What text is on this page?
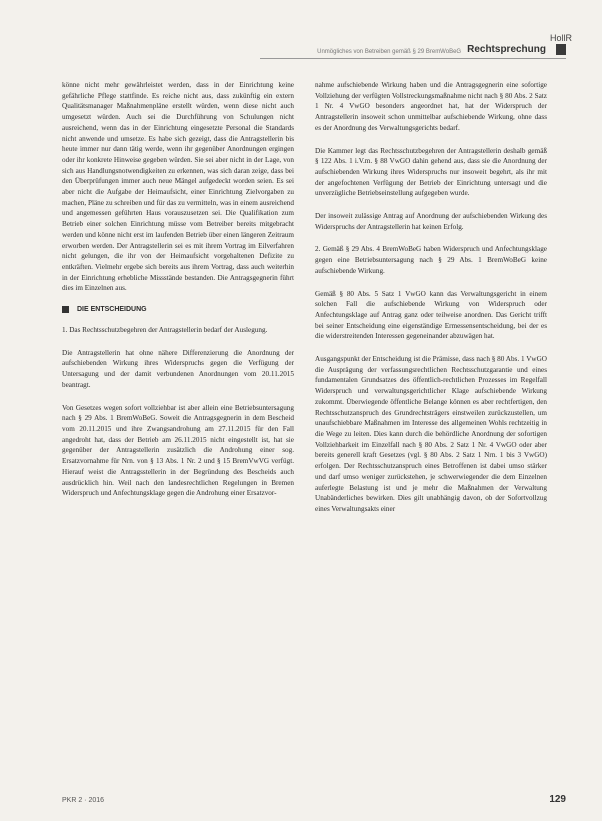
HollR
Unmögliches von Betreiben gemäß § 29 BremWoBeG Rechtsprechung

könne nicht mehr gewährleistet werden, dass in der Einrichtung keine gefährliche Pflege stattfinde. Es reiche nicht aus, dass zukünftig ein extern Qualitätsmanager Maßnahmenpläne erstellt würden, wenn diese nicht auch umgesetzt würden. Auch sei die Durchführung von Schulungen nicht ausreichend, wenn das in der Einrichtung eingesetzte Personal die Standards nicht anwende und umsetze. Es habe sich gezeigt, dass die Antragstellerin bis heute immer nur dann tätig werde, wenn ihr gegenüber Anordnungen ergingen oder ihr konkrete Hinweise gegeben würden. Sie sei aber nicht in der Lage, von sich aus Handlungsnotwendigkeiten zu erkennen, was sich daran zeige, dass bei den Überprüfungen immer auch neue Mängel aufgedeckt worden seien. Es sei aber nicht die Aufgabe der Heimaufsicht, einer Einrichtung Zielvorgaben zu machen, Pläne zu schreiben und für das zu vermitteln, was in einem ausreichend und angemessen geführten Haus vorauszusetzen sei. Die Qualifikation zum Betrieb einer solchen Einrichtung müsse vom Betreiber bereits mitgebracht werden und könne nicht erst im laufenden Betrieb über einen längeren Zeitraum erworben werden. Der Antragstellerin sei es mit ihrem Vortrag im Eilverfahren nicht gelungen, die ihr von der Heimaufsicht vorgehaltenen Defizite zu entkräften. Vielmehr ergebe sich bereits aus ihrem Vortrag, dass auch weiterhin in der Einrichtung erhebliche Missstände bestanden. Die Antragsgegnerin führt dies im Einzelnen aus.

DIE ENTSCHEIDUNG

1. Das Rechtsschutzbegehren der Antragstellerin bedarf der Auslegung.

Die Antragstellerin hat ohne nähere Differenzierung die Anordnung der aufschiebenden Wirkung ihres Widerspruchs gegen die Verfügung der Untersagung und der damit verbundenen Anordnungen vom 20.11.2015 beantragt.

Von Gesetzes wegen sofort vollziehbar ist aber allein eine Betriebsuntersagung nach § 29 Abs. 1 BremWoBeG. Soweit die Antragsgegnerin in dem Bescheid vom 20.11.2015 und ihre Zwangsandrohung am 27.11.2015 für den Fall angedroht hat, dass der Betrieb am 26.11.2015 nicht eingestellt ist, hat sie gegenüber der Antragstellerin zusätzlich die Androhung einer sog. Ersatzvornahme für Nrn. von § 13 Abs. 1 Nr. 2 und § 15 BremVwVG verfügt. Hierauf weist die Antragsstellerin in der Begründung des Bescheids auch ausdrücklich hin. Weil nach den landesrechtlichen Regelungen in Bremen Widerspruch und Anfechtungsklage gegen die Androhung einer Ersatzvor-

nahme aufschiebende Wirkung haben und die Antragsgegnerin eine sofortige Vollziehung der verfügten Vollstreckungsmaßnahme nicht nach § 80 Abs. 2 Satz 1 Nr. 4 VwGO besonders angeordnet hat, hat der Widerspruch der Antragstellerin insoweit schon unmittelbar aufschiebende Wirkung, ohne dass es der Anordnung des Verwaltungsgerichts bedarf.

Die Kammer legt das Rechtsschutzbegehren der Antragstellerin deshalb gemäß § 122 Abs. 1 i.V.m. § 88 VwGO dahin gehend aus, dass sie die Anordnung der aufschiebenden Wirkung ihres Widerspruchs nur insoweit begehrt, als ihr mit der angefochtenen Verfügung der Betrieb der Einrichtung untersagt und die unverzügliche Betriebseinstellung aufgegeben wurde.

Der insoweit zulässige Antrag auf Anordnung der aufschiebenden Wirkung des Widerspruchs der Antragstellerin hat keinen Erfolg.

2. Gemäß § 29 Abs. 4 BremWoBeG haben Widerspruch und Anfechtungsklage gegen eine Betriebsuntersagung nach § 29 Abs. 1 BremWoBeG keine aufschiebende Wirkung.

Gemäß § 80 Abs. 5 Satz 1 VwGO kann das Verwaltungsgericht in einem solchen Fall die aufschiebende Wirkung von Widerspruch oder Anfechtungsklage auf Antrag ganz oder teilweise anordnen. Das Gericht trifft bei seiner Entscheidung eine eigenständige Ermessensentscheidung, bei der es die widerstreitenden Interessen gegeneinander abzuwägen hat.

Ausgangspunkt der Entscheidung ist die Prämisse, dass nach § 80 Abs. 1 VwGO die Ausprägung der verfassungsrechtlichen Rechtsschutzgarantie und eines fundamentalen Grundsatzes des öffentlich-rechtlichen Prozesses im Regelfall Widerspruch und verwaltungsgerichtlicher Klage aufschiebende Wirkung zukommt. Überwiegende öffentliche Belange können es aber rechtfertigen, den Rechtsschutzanspruch des Grundrechtsträgers einstweilen zurückzustellen, um unaufschiebbare Maßnahmen im Interesse des allgemeinen Wohls rechtzeitig in die Wege zu leiten. Dies kann durch die behördliche Anordnung der sofortigen Vollziehbarkeit im Einzelfall nach § 80 Abs. 2 Satz 1 Nr. 4 VwGO oder aber bereits generell kraft Gesetzes (vgl. § 80 Abs. 2 Satz 1 Nrn. 1 bis 3 VwGO) erfolgen. Der Rechtsschutzanspruch eines Betroffenen ist dabei umso stärker und darf umso weniger zurückstehen, je schwerwiegender die dem Einzelnen auferlegte Belastung ist und je mehr die Maßnahmen der Verwaltung Unabänderliches bewirken. Dies gilt unabhängig davon, ob der Sofortvollzug eines Verwaltungsakts einer

PKR 2 · 2016	129
